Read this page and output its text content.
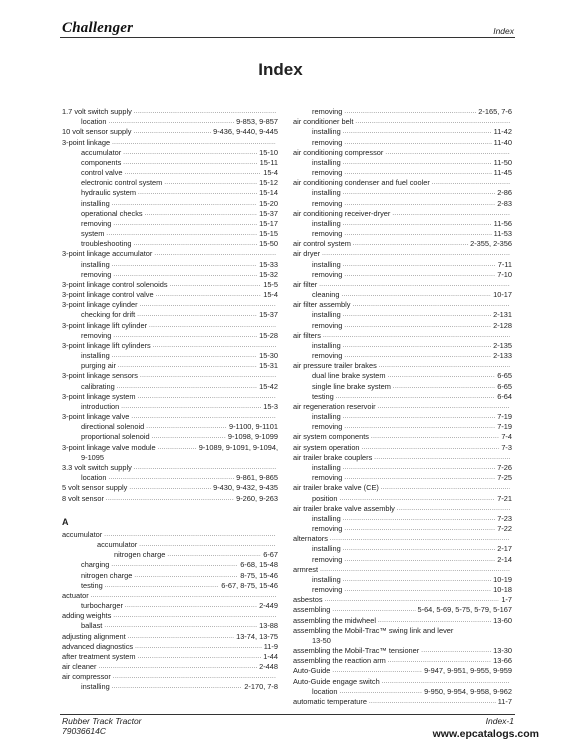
Challenger	Index
Index
1.7 volt switch supply
.....
location .....	9-853, 9-857
10 volt sensor supply .....	9-436, 9-440, 9-445
3-point linkage
.....
accumulator .....	15-10
components .....	15-11
control valve .....	15-4
electronic control system .....	15-12
hydraulic system .....	15-14
installing .....	15-20
operational checks .....	15-37
removing .....	15-17
system .....	15-15
troubleshooting .....	15-50
3-point linkage accumulator
.....
installing .....	15-33
removing .....	15-32
3-point linkage control solenoids .....	15-5
3-point linkage control valve .....	15-4
3-point linkage cylinder
.....
checking for drift .....	15-37
3-point linkage lift cylinder
.....
removing .....	15-28
3-point linkage lift cylinders
.....
installing .....	15-30
purging air .....	15-31
3-point linkage sensors
.....
calibrating .....	15-42
3-point linkage system
.....
introduction .....	15-3
3-point linkage valve
.....
directional solenoid .....	9-1100, 9-1101
proportional solenoid .....	9-1098, 9-1099
3-point linkage valve module .....	9-1089, 9-1091, 9-1094,
9-1095
3.3 volt switch supply
.....
location .....	9-861, 9-865
5 volt sensor supply .....	9-430, 9-432, 9-435
8 volt sensor .....	9-260, 9-263
A
accumulator
.....
accumulator
.....
nitrogen charge .....	6-67
charging .....	6-68, 15-48
nitrogen charge .....	8-75, 15-46
testing .....	6-67, 8-75, 15-46
actuator
.....
turbocharger .....	2-449
adding weights
.....
ballast .....	13-88
adjusting alignment .....	13-74, 13-75
advanced diagnostics .....	11-9
after treatment system .....	1-44
air cleaner .....	2-448
air compressor
.....
installing .....	2-170, 7-8
removing .....	2-165, 7-6
air conditioner belt
.....
installing .....	11-42
removing .....	11-40
air conditioning compressor
.....
installing .....	11-50
removing .....	11-45
air conditioning condenser and fuel cooler
.....
installing .....	2-86
removing .....	2-83
air conditioning receiver-dryer
.....
installing .....	11-56
removing .....	11-53
air control system .....	2-355, 2-356
air dryer
.....
installing .....	7-11
removing .....	7-10
air filter
.....
cleaning .....	10-17
air filter assembly
.....
installing .....	2-131
removing .....	2-128
air filters
.....
installing .....	2-135
removing .....	2-133
air pressure trailer brakes
.....
dual line brake system .....	6-65
single line brake system .....	6-65
testing .....	6-64
air regeneration reservoir
.....
installing .....	7-19
removing .....	7-19
air system components .....	7-4
air system operation .....	7-3
air trailer brake couplers
.....
installing .....	7-26
removing .....	7-25
air trailer brake valve (CE)
.....
position .....	7-21
air trailer brake valve assembly
.....
installing .....	7-23
removing .....	7-22
alternators
.....
installing .....	2-17
removing .....	2-14
armrest
.....
installing .....	10-19
removing .....	10-18
asbestos .....	1-7
assembling .....	5-64, 5-69, 5-75, 5-79, 5-167
assembling the midwheel .....	13-60
assembling the Mobil-Trac™ swing link and lever
13-50
assembling the Mobil-Trac™ tensioner .....	13-30
assembling the reaction arm .....	13-66
Auto-Guide .....	9-947, 9-951, 9-955, 9-959
Auto-Guide engage switch
.....
location .....	9-950, 9-954, 9-958, 9-962
automatic temperature .....	11-7
Rubber Track Tractor
79036614C
Index-1
www.epcatalogs.com
